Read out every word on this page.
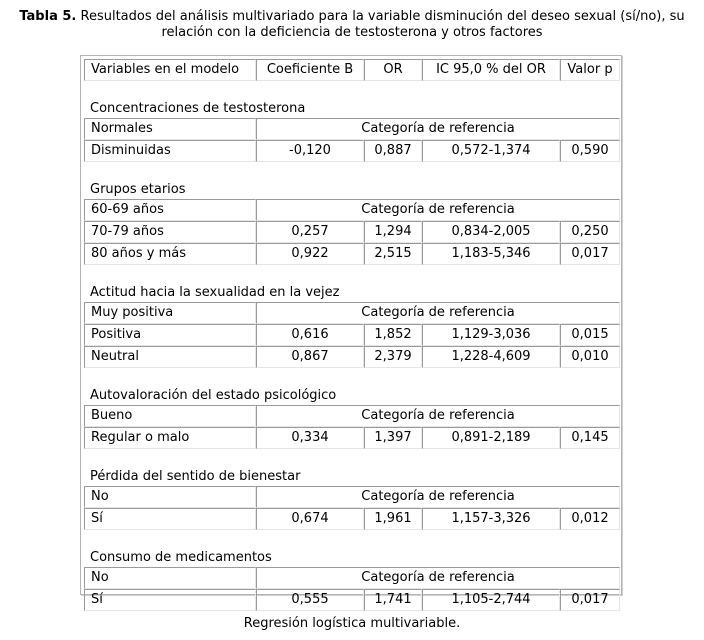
Tabla 5. Resultados del análisis multivariado para la variable disminución del deseo sexual (sí/no), su relación con la deficiencia de testosterona y otros factores
Variables en el modelo	Coeficiente B	OR	IC 95,0 % del OR	Valor p

Concentraciones de testosterona				
Normales	Categoría de referencia			
Disminuidas	-0,120	0,887	0,572-1,374	0,590

Grupos etarios				
60-69 años	Categoría de referencia			
70-79 años	0,257	1,294	0,834-2,005	0,250
80 años y más	0,922	2,515	1,183-5,346	0,017

Actitud hacia la sexualidad en la vejez				
Muy positiva	Categoría de referencia			
Positiva	0,616	1,852	1,129-3,036	0,015
Neutral	0,867	2,379	1,228-4,609	0,010

Autovaloración del estado psicológico				
Bueno	Categoría de referencia			
Regular o malo	0,334	1,397	0,891-2,189	0,145

Pérdida del sentido de bienestar				
No	Categoría de referencia			
Sí	0,674	1,961	1,157-3,326	0,012

Consumo de medicamentos				
No	Categoría de referencia			
Sí	0,555	1,741	1,105-2,744	0,017
Regresión logística multivariable.
